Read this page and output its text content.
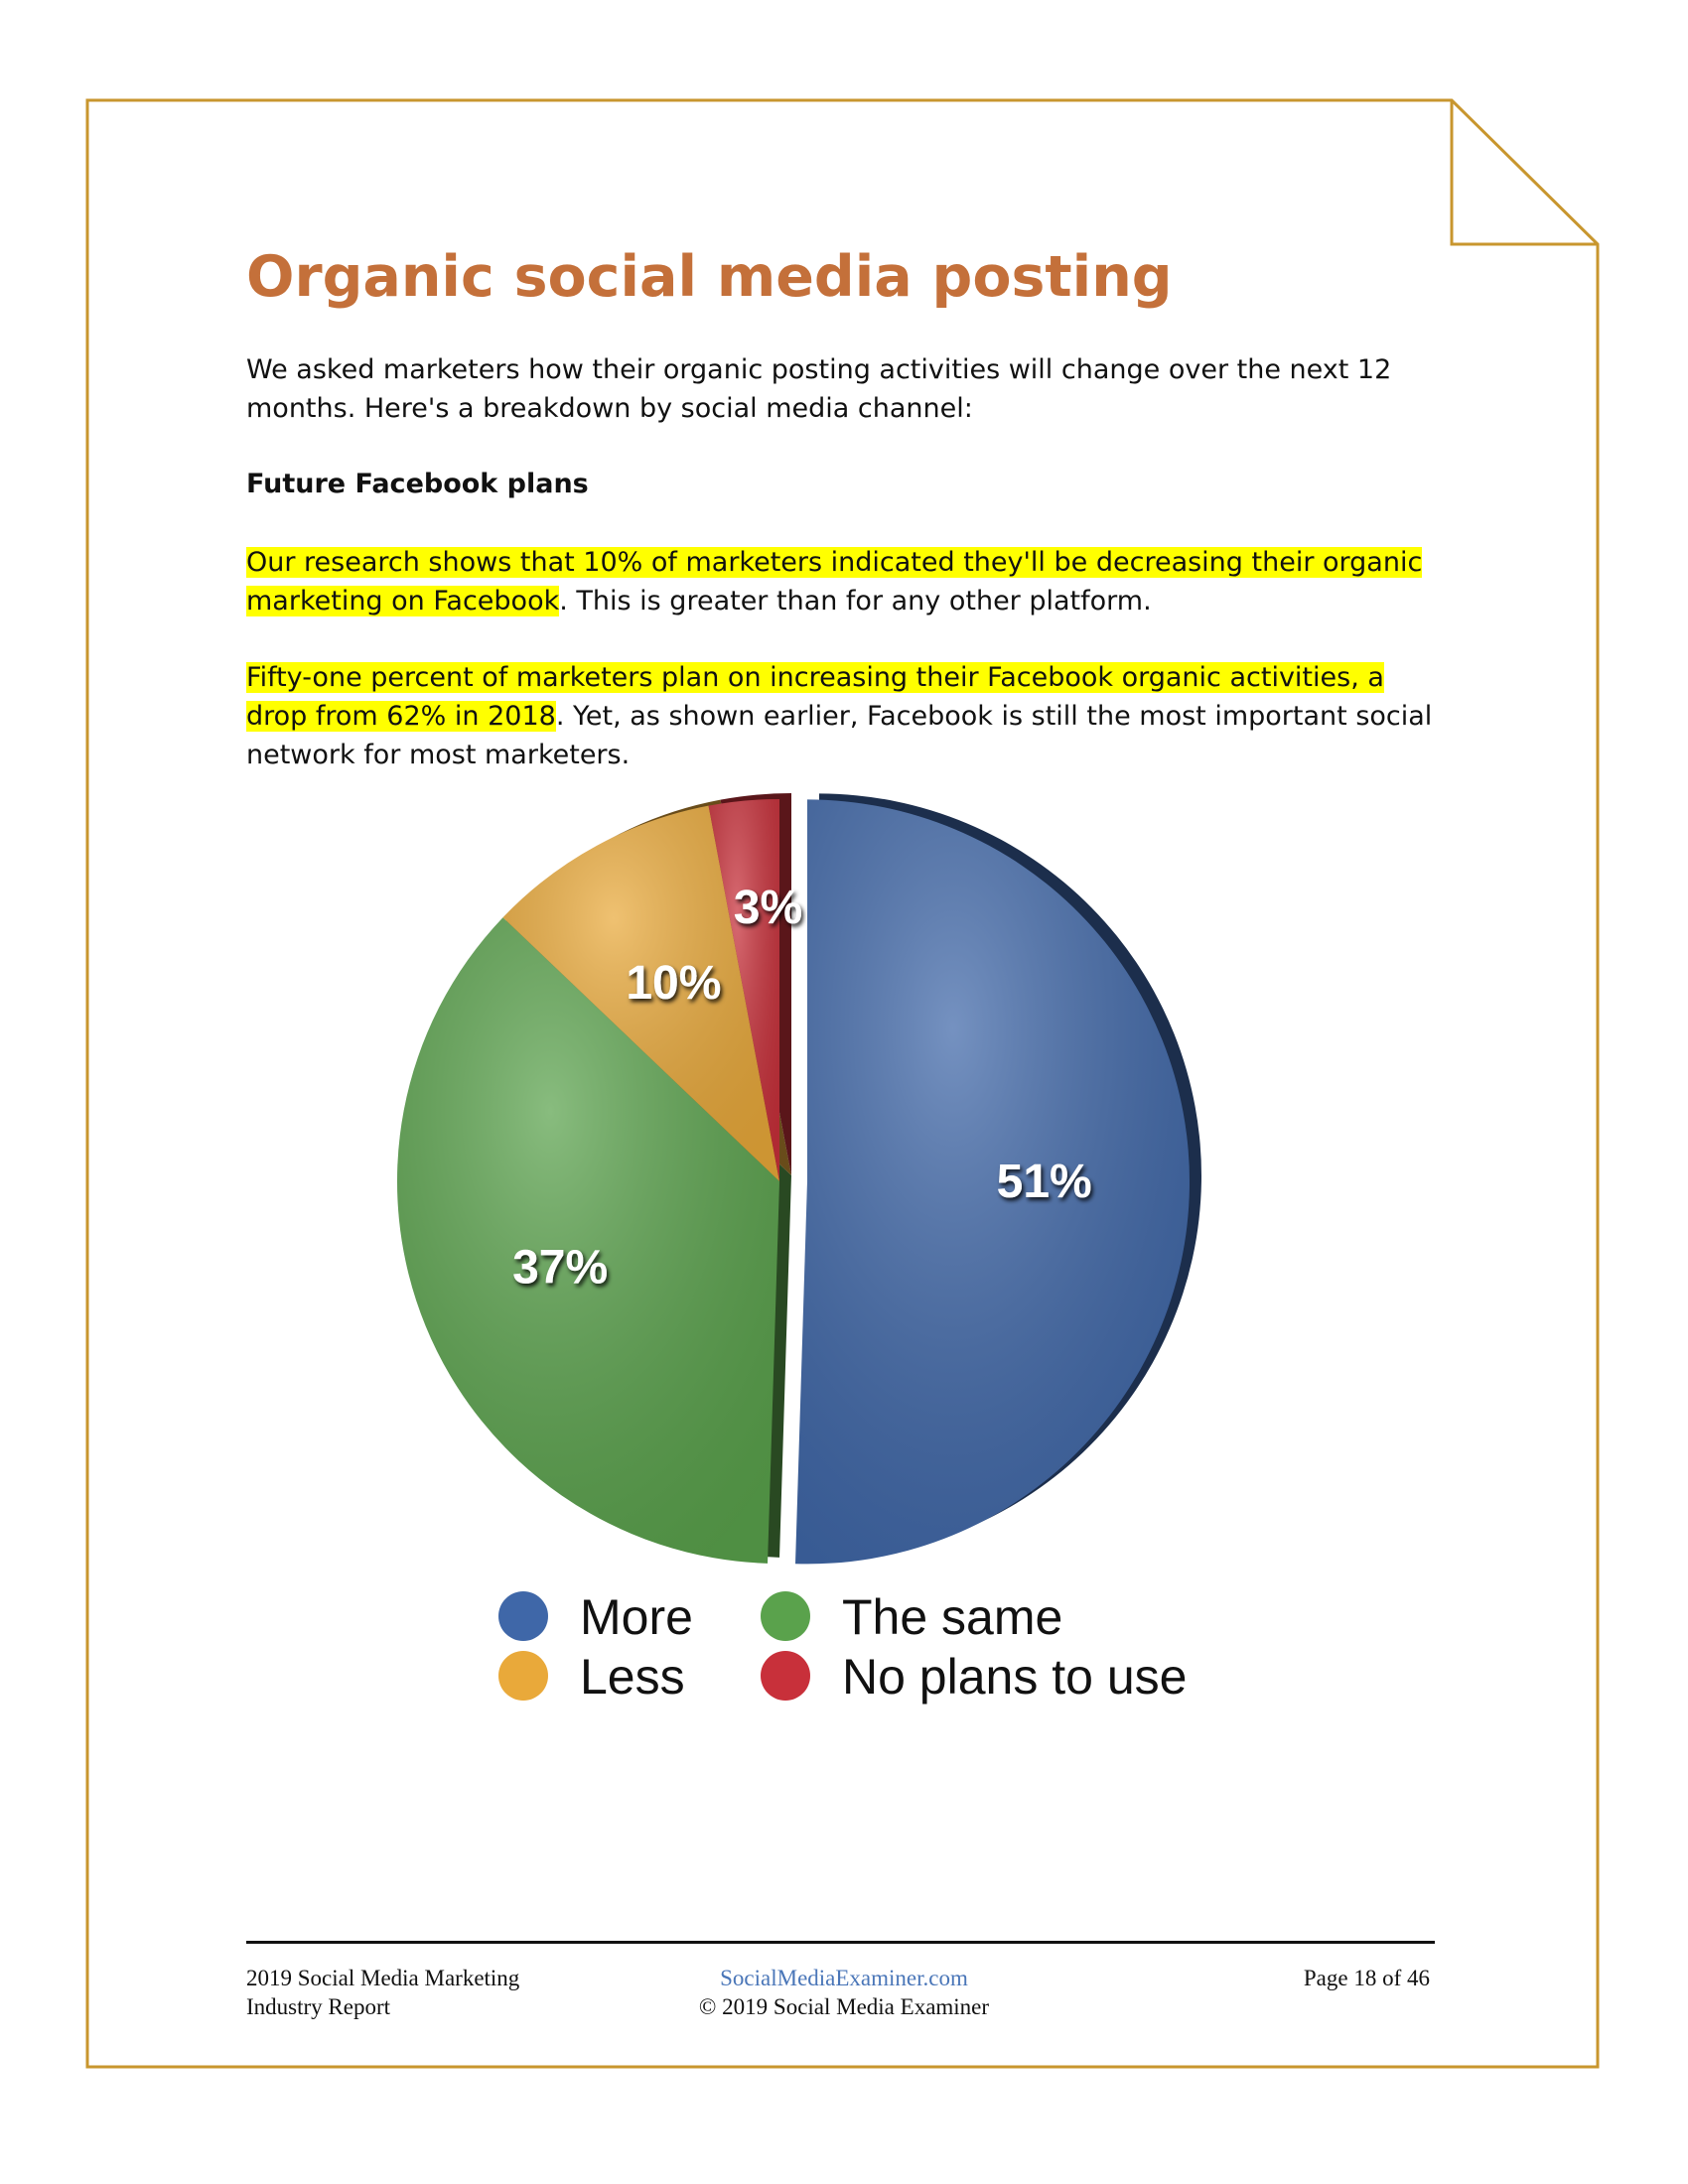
Organic social media posting

We asked marketers how their organic posting activities will change over the next 12 months. Here's a breakdown by social media channel:

Future Facebook plans

Our research shows that 10% of marketers indicated they'll be decreasing their organic marketing on Facebook. This is greater than for any other platform.

Fifty-one percent of marketers plan on increasing their Facebook organic activities, a drop from 62% in 2018. Yet, as shown earlier, Facebook is still the most important social network for most marketers.

51%
37%
10%
3%
More	The same
Less	No plans to use

2019 Social Media Marketing
Industry Report

SocialMediaExaminer.com
© 2019 Social Media Examiner

Page 18 of 46
